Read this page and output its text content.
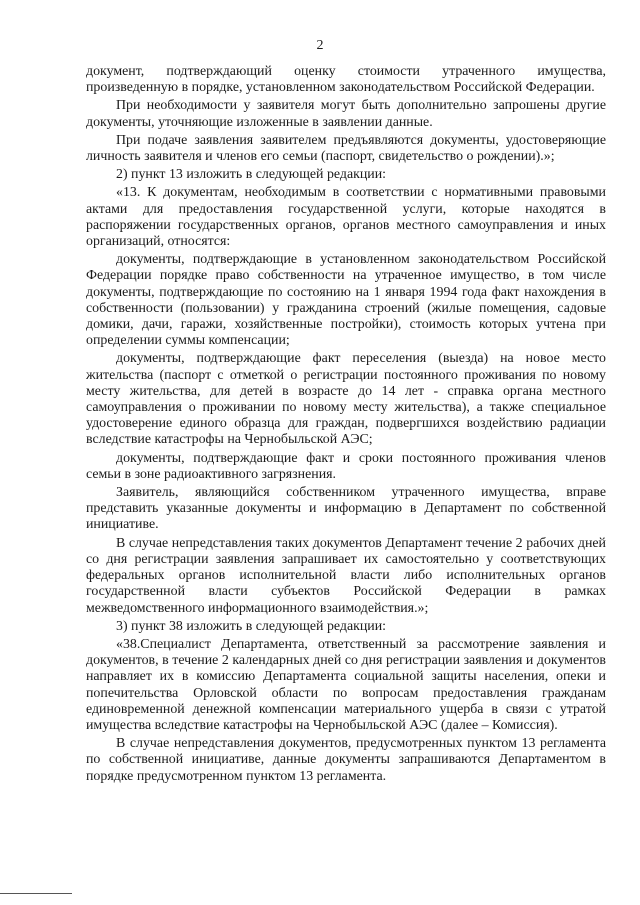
2

документ, подтверждающий оценку стоимости утраченного имущества, произведенную в порядке, установленном законодательством Российской Федерации.

При необходимости у заявителя могут быть дополнительно запрошены другие документы, уточняющие изложенные в заявлении данные.

При подаче заявления заявителем предъявляются документы, удостоверяющие личность заявителя и членов его семьи (паспорт, свидетельство о рождении).»;

2) пункт 13 изложить в следующей редакции:

«13. К документам, необходимым в соответствии с нормативными правовыми актами для предоставления государственной услуги, которые находятся в распоряжении государственных органов, органов местного самоуправления и иных организаций, относятся:

документы, подтверждающие в установленном законодательством Российской Федерации порядке право собственности на утраченное имущество, в том числе документы, подтверждающие по состоянию на 1 января 1994 года факт нахождения в собственности (пользовании) у гражданина строений (жилые помещения, садовые домики, дачи, гаражи, хозяйственные постройки), стоимость которых учтена при определении суммы компенсации;

документы, подтверждающие факт переселения (выезда) на новое место жительства (паспорт с отметкой о регистрации постоянного проживания по новому месту жительства, для детей в возрасте до 14 лет - справка органа местного самоуправления о проживании по новому месту жительства), а также специальное удостоверение единого образца для граждан, подвергшихся воздействию радиации вследствие катастрофы на Чернобыльской АЭС;

документы, подтверждающие факт и сроки постоянного проживания членов семьи в зоне радиоактивного загрязнения.

Заявитель, являющийся собственником утраченного имущества, вправе представить указанные документы и информацию в Департамент по собственной инициативе.

В случае непредставления таких документов Департамент течение 2 рабочих дней со дня регистрации заявления запрашивает их самостоятельно у соответствующих федеральных органов исполнительной власти либо исполнительных органов государственной власти субъектов Российской Федерации в рамках межведомственного информационного взаимодействия.»;

3) пункт 38 изложить в следующей редакции:

«38.Специалист Департамента, ответственный за рассмотрение заявления и документов, в течение 2 календарных дней со дня регистрации заявления и документов направляет их в комиссию Департамента социальной защиты населения, опеки и попечительства Орловской области по вопросам предоставления гражданам единовременной денежной компенсации материального ущерба в связи с утратой имущества вследствие катастрофы на Чернобыльской АЭС (далее – Комиссия).

В случае непредставления документов, предусмотренных пунктом 13 регламента по собственной инициативе, данные документы запрашиваются Департаментом в порядке предусмотренном пунктом 13 регламента.
